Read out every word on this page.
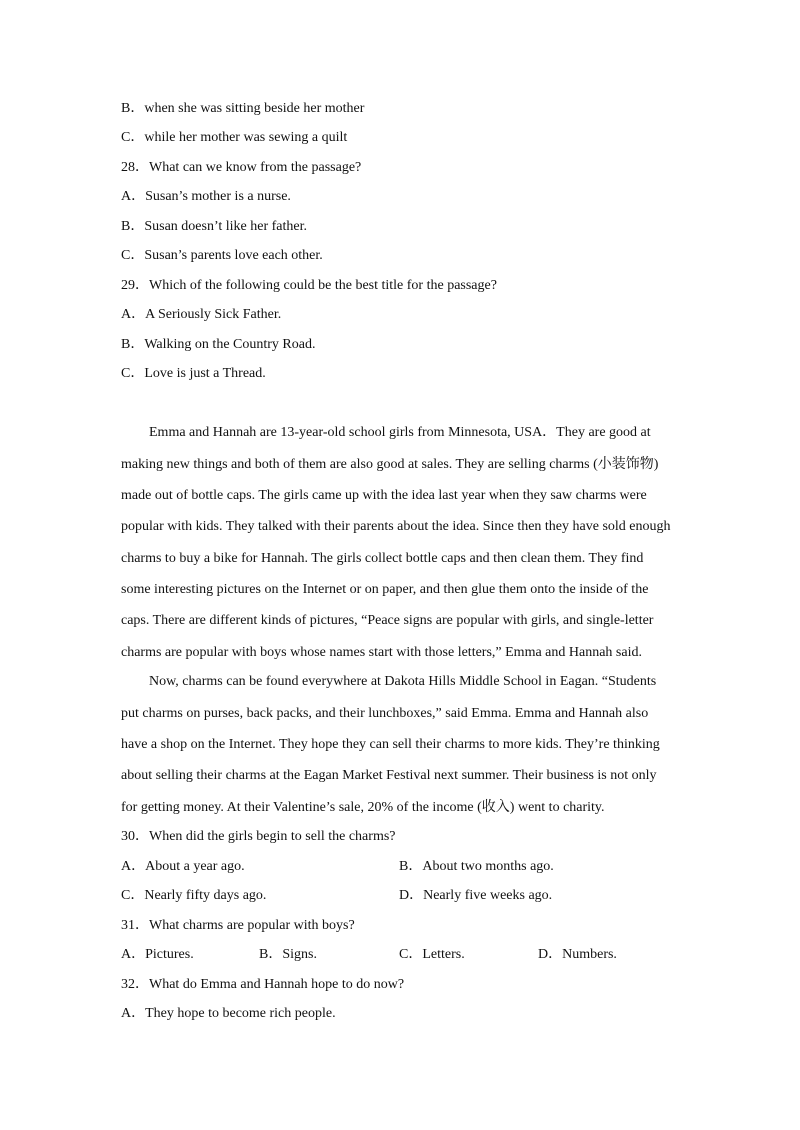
B．when she was sitting beside her mother
C．while her mother was sewing a quilt
28．What can we know from the passage?
A．Susan’s mother is a nurse.
B．Susan doesn’t like her father.
C．Susan’s parents love each other.
29．Which of the following could be the best title for the passage?
A．A Seriously Sick Father.
B．Walking on the Country Road.
C．Love is just a Thread.
Emma and Hannah are 13-year-old school girls from Minnesota, USA．They are good at
making new things and both of them are also good at sales. They are selling charms (小装饰物)
made out of bottle caps. The girls came up with the idea last year when they saw charms were
popular with kids. They talked with their parents about the idea. Since then they have sold enough
charms to buy a bike for Hannah. The girls collect bottle caps and then clean them. They find
some interesting pictures on the Internet or on paper, and then glue them onto the inside of the
caps. There are different kinds of pictures, “Peace signs are popular with girls, and single-letter
charms are popular with boys whose names start with those letters,” Emma and Hannah said.
Now, charms can be found everywhere at Dakota Hills Middle School in Eagan. “Students
put charms on purses, back packs, and their lunchboxes,” said Emma. Emma and Hannah also
have a shop on the Internet. They hope they can sell their charms to more kids. They’re thinking
about selling their charms at the Eagan Market Festival next summer. Their business is not only
for getting money. At their Valentine’s sale, 20% of the income (收入) went to charity.
30．When did the girls begin to sell the charms?
A．About a year ago.	B．About two months ago.
C．Nearly fifty days ago.	D．Nearly five weeks ago.
31．What charms are popular with boys?
A．Pictures.	B．Signs.	C．Letters.	D．Numbers.
32．What do Emma and Hannah hope to do now?
A．They hope to become rich people.
